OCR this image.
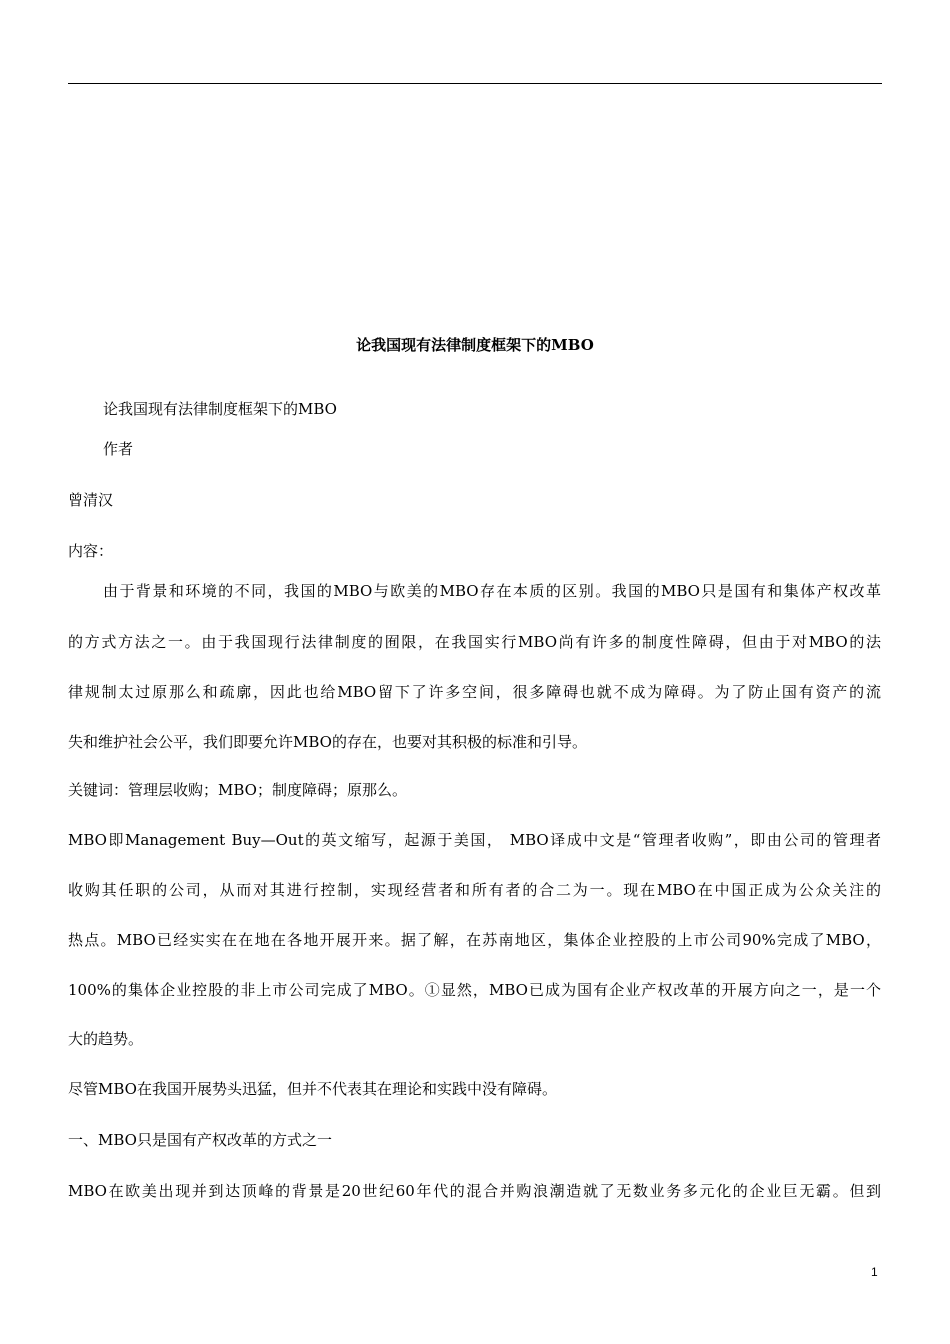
论我国现有法律制度框架下的MBO
论我国现有法律制度框架下的MBO
作者
曾清汉
内容：
由于背景和环境的不同，我国的MBO与欧美的MBO存在本质的区别。我国的MBO只是国有和集体产权改革
的方式方法之一。由于我国现行法律制度的囿限，在我国实行MBO尚有许多的制度性障碍，但由于对MBO的法
律规制太过原那么和疏廓，因此也给MBO留下了许多空间，很多障碍也就不成为障碍。为了防止国有资产的流
失和维护社会公平，我们即要允许MBO的存在，也要对其积极的标准和引导。
关键词：管理层收购；MBO；制度障碍；原那么。
MBO即Management Buy—Out的英文缩写，起源于美国， MBO译成中文是“管理者收购”，即由公司的管理者
收购其任职的公司，从而对其进行控制，实现经营者和所有者的合二为一。现在MBO在中国正成为公众关注的
热点。MBO已经实实在在地在各地开展开来。据了解，在苏南地区，集体企业控股的上市公司90%完成了MBO，
100%的集体企业控股的非上市公司完成了MBO。①显然，MBO已成为国有企业产权改革的开展方向之一，是一个
大的趋势。
尽管MBO在我国开展势头迅猛，但并不代表其在理论和实践中没有障碍。
一、MBO只是国有产权改革的方式之一
MBO在欧美出现并到达顶峰的背景是20世纪60年代的混合并购浪潮造就了无数业务多元化的企业巨无霸。但到
1
